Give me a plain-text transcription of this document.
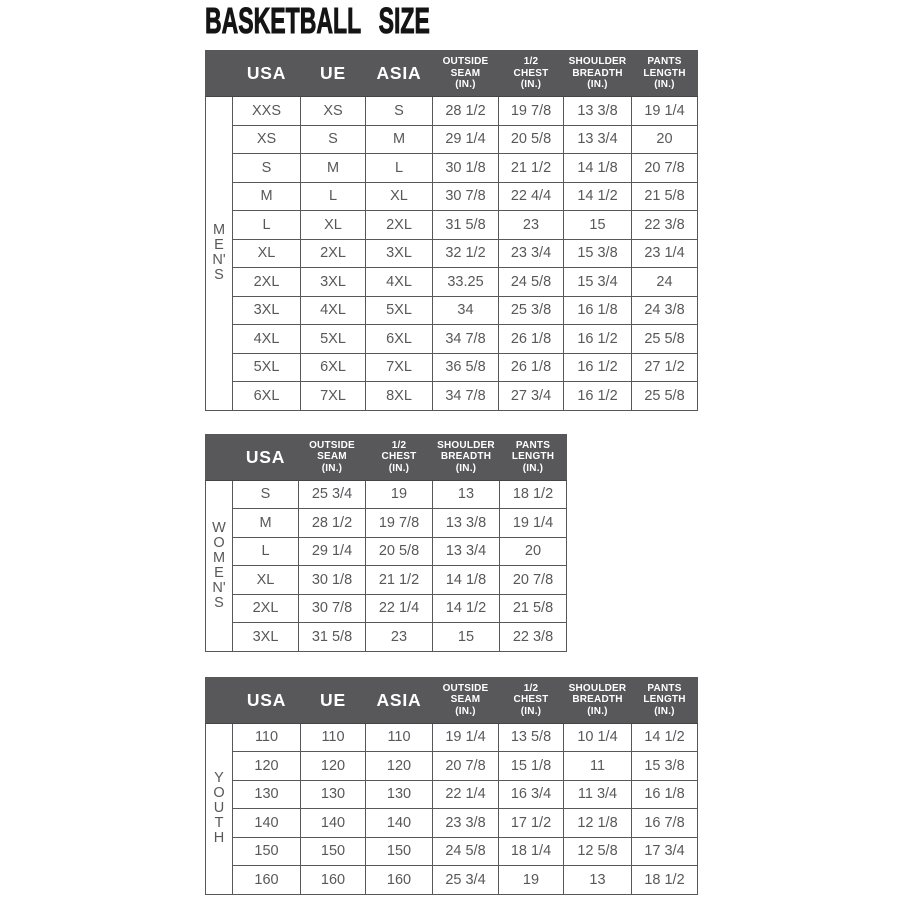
BASKETBALL SIZE
	USA	UE	ASIA	OUTSIDE
SEAM
(IN.)	1/2
CHEST
(IN.)	SHOULDER
BREADTH
(IN.)	PANTS
LENGTH
(IN.)

M
E
N'
S	XXS	XS	S	28 1/2	19 7/8	13 3/8	19 1/4
	XS	S	M	29 1/4	20 5/8	13 3/4	20
	S	M	L	30 1/8	21 1/2	14 1/8	20 7/8
	M	L	XL	30 7/8	22 4/4	14 1/2	21 5/8
	L	XL	2XL	31 5/8	23	15	22 3/8
	XL	2XL	3XL	32 1/2	23 3/4	15 3/8	23 1/4
	2XL	3XL	4XL	33.25	24 5/8	15 3/4	24
	3XL	4XL	5XL	34	25 3/8	16 1/8	24 3/8
	4XL	5XL	6XL	34 7/8	26 1/8	16 1/2	25 5/8
	5XL	6XL	7XL	36 5/8	26 1/8	16 1/2	27 1/2
	6XL	7XL	8XL	34 7/8	27 3/4	16 1/2	25 5/8
	USA	OUTSIDE
SEAM
(IN.)	1/2
CHEST
(IN.)	SHOULDER
BREADTH
(IN.)	PANTS
LENGTH
(IN.)

W
O
M
E
N'
S
	S	25 3/4	19	13	18 1/2
	M	28 1/2	19 7/8	13 3/8	19 1/4
	L	29 1/4	20 5/8	13 3/4	20
	XL	30 1/8	21 1/2	14 1/8	20 7/8
	2XL	30 7/8	22 1/4	14 1/2	21 5/8
	3XL	31 5/8	23	15	22 3/8
	USA	UE	ASIA	OUTSIDE
SEAM
(IN.)	1/2
CHEST
(IN.)	SHOULDER
BREADTH
(IN.)	PANTS
LENGTH
(IN.)

Y
O
U
T
H	110	110	110	19 1/4	13 5/8	10 1/4	14 1/2
	120	120	120	20 7/8	15 1/8	11	15 3/8
	130	130	130	22 1/4	16 3/4	11 3/4	16 1/8
	140	140	140	23 3/8	17 1/2	12 1/8	16 7/8
	150	150	150	24 5/8	18 1/4	12 5/8	17 3/4
	160	160	160	25 3/4	19	13	18 1/2
